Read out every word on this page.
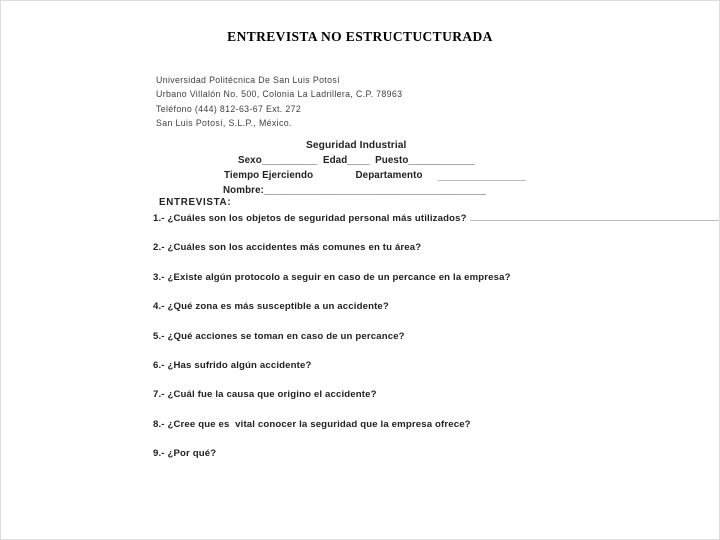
ENTREVISTA NO ESTRUCTUCTURADA
Universidad Politécnica De San Luis Potosí
Urbano Villalón No. 500, Colonia La Ladrillera, C.P. 78963
Teléfono (444) 812-63-67 Ext. 272
San Luis Potosí, S.L.P., México.
Seguridad Industrial
Sexo__________  Edad____  Puesto____________
Tiempo Ejerciendo               Departamento
Nombre:________________________________________
ENTREVISTA:
1.- ¿Cuáles son los objetos de seguridad personal más utilizados?
2.- ¿Cuáles son los accidentes más comunes en tu área?
3.- ¿Existe algún protocolo a seguir en caso de un percance en la empresa?
4.- ¿Qué zona es más susceptible a un accidente?
5.- ¿Qué acciones se toman en caso de un percance?
6.- ¿Has sufrido algún accidente?
7.- ¿Cuál fue la causa que origino el accidente?
8.- ¿Cree que es  vital conocer la seguridad que la empresa ofrece?
9.- ¿Por qué?
